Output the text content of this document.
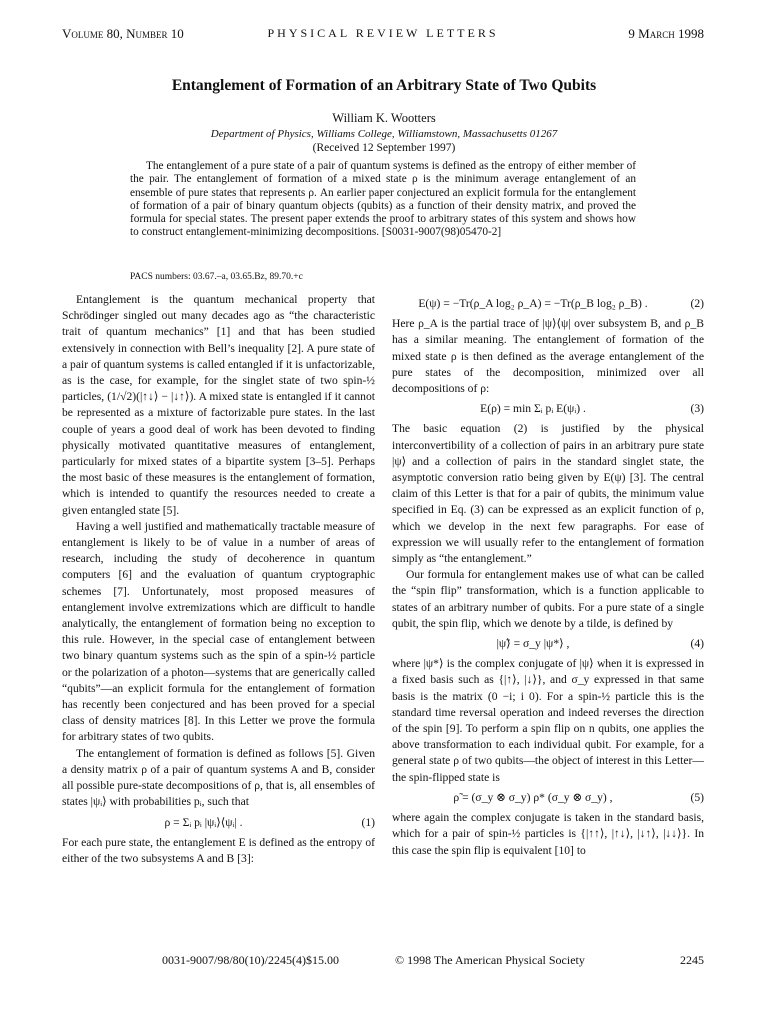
Volume 80, Number 10	PHYSICAL REVIEW LETTERS	9 March 1998
Entanglement of Formation of an Arbitrary State of Two Qubits
William K. Wootters
Department of Physics, Williams College, Williamstown, Massachusetts 01267
(Received 12 September 1997)
The entanglement of a pure state of a pair of quantum systems is defined as the entropy of either member of the pair. The entanglement of formation of a mixed state ρ is the minimum average entanglement of an ensemble of pure states that represents ρ. An earlier paper conjectured an explicit formula for the entanglement of formation of a pair of binary quantum objects (qubits) as a function of their density matrix, and proved the formula for special states. The present paper extends the proof to arbitrary states of this system and shows how to construct entanglement-minimizing decompositions. [S0031-9007(98)05470-2]
PACS numbers: 03.67.–a, 03.65.Bz, 89.70.+c

Entanglement is the quantum mechanical property that Schrödinger singled out many decades ago as “the characteristic trait of quantum mechanics” [1] and that has been studied extensively in connection with Bell’s inequality [2]. A pure state of a pair of quantum systems is called entangled if it is unfactorizable, as is the case, for example, for the singlet state of two spin-½ particles, (1/√2)(|↑↓⟩ − |↓↑⟩). A mixed state is entangled if it cannot be represented as a mixture of factorizable pure states. In the last couple of years a good deal of work has been devoted to finding physically motivated quantitative measures of entanglement, particularly for mixed states of a bipartite system [3–5]. Perhaps the most basic of these measures is the entanglement of formation, which is intended to quantify the resources needed to create a given entangled state [5].

Having a well justified and mathematically tractable measure of entanglement is likely to be of value in a number of areas of research, including the study of decoherence in quantum computers [6] and the evaluation of quantum cryptographic schemes [7]. Unfortunately, most proposed measures of entanglement involve extremizations which are difficult to handle analytically, the entanglement of formation being no exception to this rule. However, in the special case of entanglement between two binary quantum systems such as the spin of a spin-½ particle or the polarization of a photon—systems that are generically called “qubits”—an explicit formula for the entanglement of formation has recently been conjectured and has been proved for a special class of density matrices [8]. In this Letter we prove the formula for arbitrary states of two qubits.

The entanglement of formation is defined as follows [5]. Given a density matrix ρ of a pair of quantum systems A and B, consider all possible pure-state decompositions of ρ, that is, all ensembles of states |ψᵢ⟩ with probabilities pᵢ, such that

ρ = Σᵢ pᵢ |ψᵢ⟩⟨ψᵢ| .	(1)

For each pure state, the entanglement E is defined as the entropy of either of the two subsystems A and B [3]:

E(ψ) = −Tr(ρ_A log₂ ρ_A) = −Tr(ρ_B log₂ ρ_B) .	(2)

Here ρ_A is the partial trace of |ψ⟩⟨ψ| over subsystem B, and ρ_B has a similar meaning. The entanglement of formation of the mixed state ρ is then defined as the average entanglement of the pure states of the decomposition, minimized over all decompositions of ρ:

E(ρ) = min Σᵢ pᵢ E(ψᵢ) .	(3)

The basic equation (2) is justified by the physical interconvertibility of a collection of pairs in an arbitrary pure state |ψ⟩ and a collection of pairs in the standard singlet state, the asymptotic conversion ratio being given by E(ψ) [3]. The central claim of this Letter is that for a pair of qubits, the minimum value specified in Eq. (3) can be expressed as an explicit function of ρ, which we develop in the next few paragraphs. For ease of expression we will usually refer to the entanglement of formation simply as “the entanglement.”

Our formula for entanglement makes use of what can be called the “spin flip” transformation, which is a function applicable to states of an arbitrary number of qubits. For a pure state of a single qubit, the spin flip, which we denote by a tilde, is defined by

|ψ̃⟩ = σ_y |ψ*⟩ ,	(4)

where |ψ*⟩ is the complex conjugate of |ψ⟩ when it is expressed in a fixed basis such as {|↑⟩, |↓⟩}, and σ_y expressed in that same basis is the matrix (0 −i; i 0). For a spin-½ particle this is the standard time reversal operation and indeed reverses the direction of the spin [9]. To perform a spin flip on n qubits, one applies the above transformation to each individual qubit. For example, for a general state ρ of two qubits—the object of interest in this Letter—the spin-flipped state is

ρ̃ = (σ_y ⊗ σ_y) ρ* (σ_y ⊗ σ_y) ,	(5)

where again the complex conjugate is taken in the standard basis, which for a pair of spin-½ particles is {|↑↑⟩, |↑↓⟩, |↓↑⟩, |↓↓⟩}. In this case the spin flip is equivalent [10] to

0031-9007/98/80(10)/2245(4)$15.00	© 1998 The American Physical Society	2245
